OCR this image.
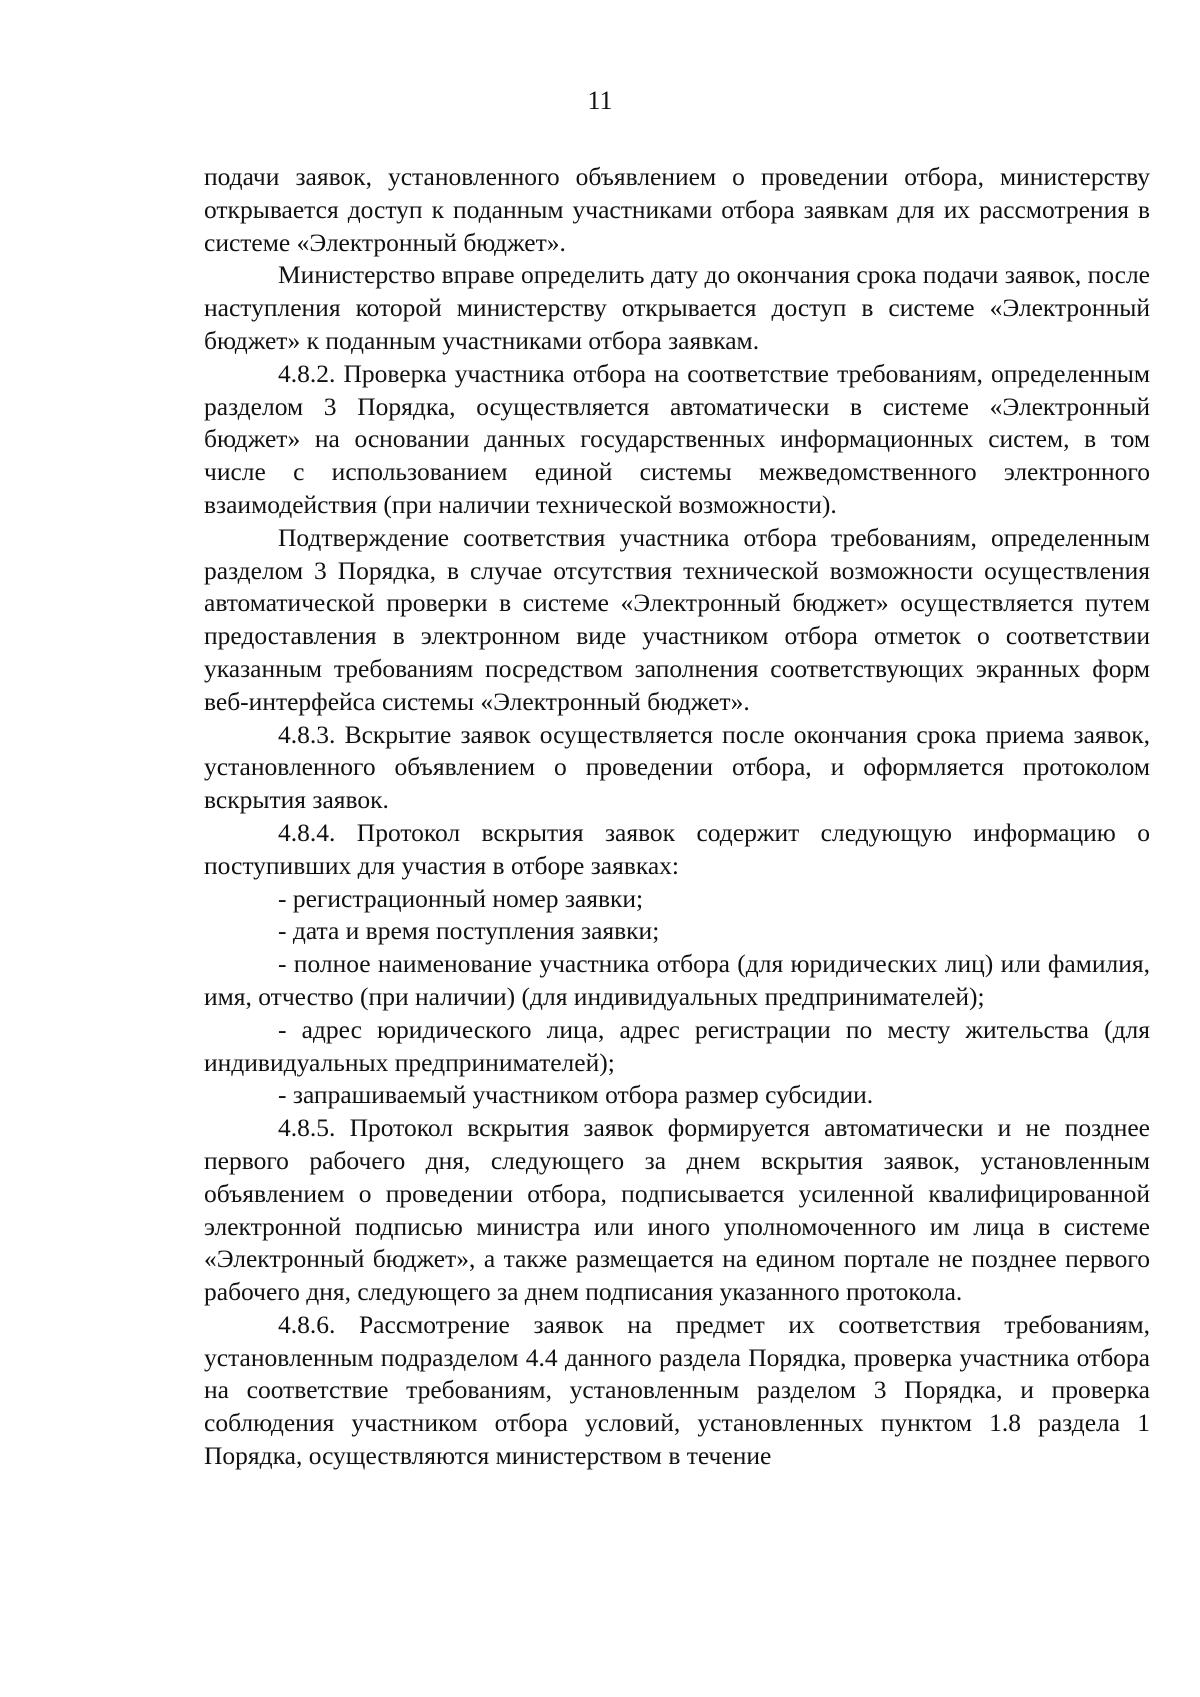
11

подачи заявок, установленного объявлением о проведении отбора, министерству открывается доступ к поданным участниками отбора заявкам для их рассмотрения в системе «Электронный бюджет».

Министерство вправе определить дату до окончания срока подачи заявок, после наступления которой министерству открывается доступ в системе «Электронный бюджет» к поданным участниками отбора заявкам.

4.8.2. Проверка участника отбора на соответствие требованиям, определенным разделом 3 Порядка, осуществляется автоматически в системе «Электронный бюджет» на основании данных государственных информационных систем, в том числе с использованием единой системы межведомственного электронного взаимодействия (при наличии технической возможности).

Подтверждение соответствия участника отбора требованиям, определенным разделом 3 Порядка, в случае отсутствия технической возможности осуществления автоматической проверки в системе «Электронный бюджет» осуществляется путем предоставления в электронном виде участником отбора отметок о соответствии указанным требованиям посредством заполнения соответствующих экранных форм веб-интерфейса системы «Электронный бюджет».

4.8.3. Вскрытие заявок осуществляется после окончания срока приема заявок, установленного объявлением о проведении отбора, и оформляется протоколом вскрытия заявок.

4.8.4. Протокол вскрытия заявок содержит следующую информацию о поступивших для участия в отборе заявках:

- регистрационный номер заявки;

- дата и время поступления заявки;

- полное наименование участника отбора (для юридических лиц) или фамилия, имя, отчество (при наличии) (для индивидуальных предпринимателей);

- адрес юридического лица, адрес регистрации по месту жительства (для индивидуальных предпринимателей);

- запрашиваемый участником отбора размер субсидии.

4.8.5. Протокол вскрытия заявок формируется автоматически и не позднее первого рабочего дня, следующего за днем вскрытия заявок, установленным объявлением о проведении отбора, подписывается усиленной квалифицированной электронной подписью министра или иного уполномоченного им лица в системе «Электронный бюджет», а также размещается на едином портале не позднее первого рабочего дня, следующего за днем подписания указанного протокола.

4.8.6. Рассмотрение заявок на предмет их соответствия требованиям, установленным подразделом 4.4 данного раздела Порядка, проверка участника отбора на соответствие требованиям, установленным разделом 3 Порядка, и проверка соблюдения участником отбора условий, установленных пунктом 1.8 раздела 1 Порядка, осуществляются министерством в течение
